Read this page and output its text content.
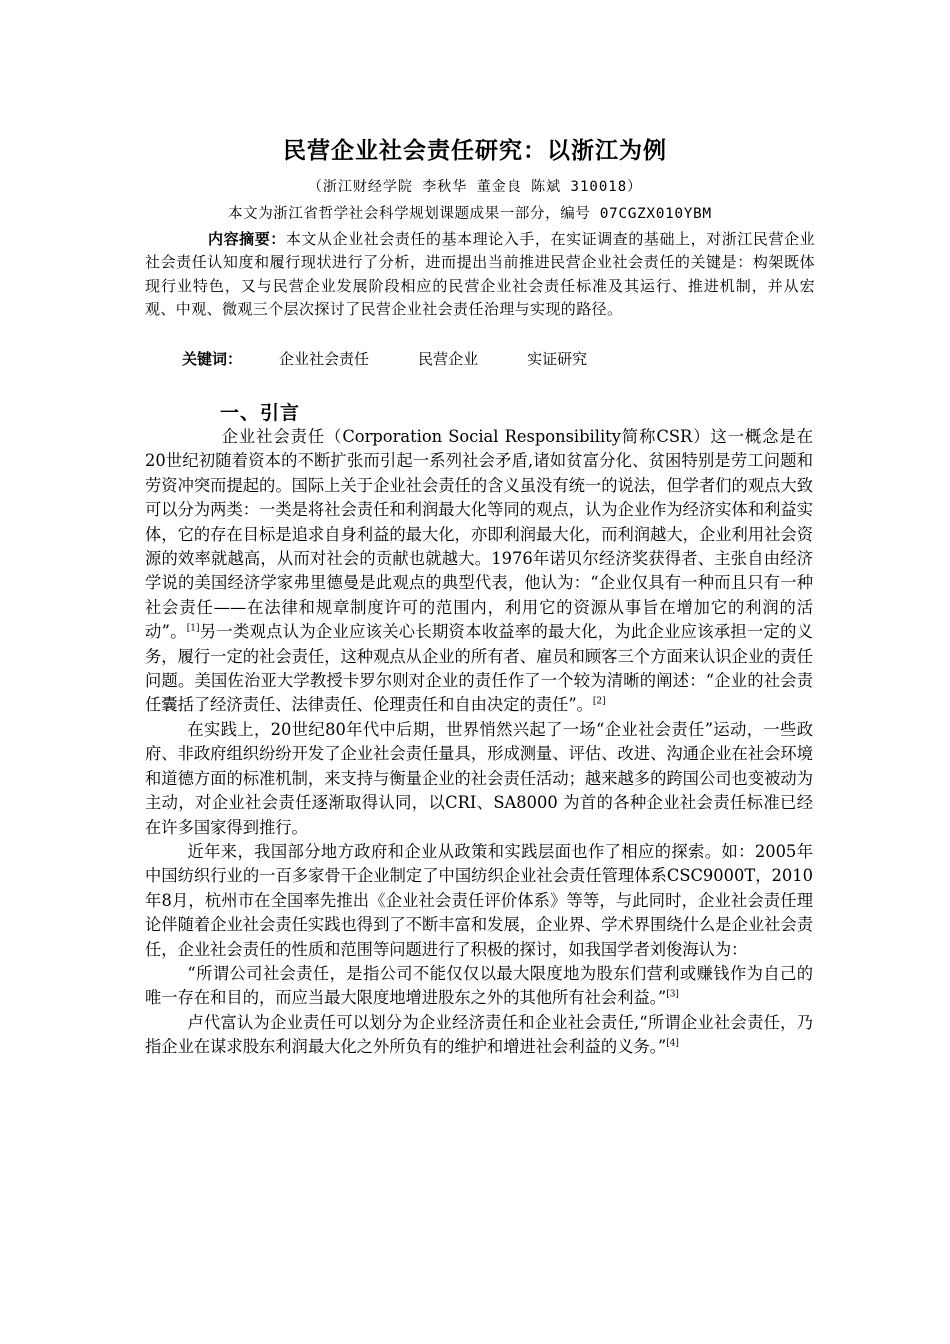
民营企业社会责任研究：以浙江为例
（浙江财经学院 李秋华 董金良 陈斌 310018）
本文为浙江省哲学社会科学规划课题成果一部分，编号 07CGZX010YBM

内容摘要：本文从企业社会责任的基本理论入手，在实证调查的基础上，对浙江民营企业社会责任认知度和履行现状进行了分析，进而提出当前推进民营企业社会责任的关键是：构架既体现行业特色，又与民营企业发展阶段相应的民营企业社会责任标准及其运行、推进机制，并从宏观、中观、微观三个层次探讨了民营企业社会责任治理与实现的路径。

关键词： 企业社会责任	民营企业	实证研究
一、引言

企业社会责任（Corporation Social Responsibility简称CSR）这一概念是在20世纪初随着资本的不断扩张而引起一系列社会矛盾,诸如贫富分化、贫困特别是劳工问题和劳资冲突而提起的。国际上关于企业社会责任的含义虽没有统一的说法，但学者们的观点大致可以分为两类：一类是将社会责任和利润最大化等同的观点，认为企业作为经济实体和利益实体，它的存在目标是追求自身利益的最大化，亦即利润最大化，而利润越大，企业利用社会资源的效率就越高，从而对社会的贡献也就越大。1976年诺贝尔经济奖获得者、主张自由经济学说的美国经济学家弗里德曼是此观点的典型代表，他认为：“企业仅具有一种而且只有一种社会责任——在法律和规章制度许可的范围内，利用它的资源从事旨在增加它的利润的活动”。[1]另一类观点认为企业应该关心长期资本收益率的最大化，为此企业应该承担一定的义务，履行一定的社会责任，这种观点从企业的所有者、雇员和顾客三个方面来认识企业的责任问题。美国佐治亚大学教授卡罗尔则对企业的责任作了一个较为清晰的阐述：“企业的社会责任囊括了经济责任、法律责任、伦理责任和自由决定的责任”。[2]

在实践上，20世纪80年代中后期，世界悄然兴起了一场“企业社会责任”运动，一些政府、非政府组织纷纷开发了企业社会责任量具，形成测量、评估、改进、沟通企业在社会环境和道德方面的标准机制，来支持与衡量企业的社会责任活动；越来越多的跨国公司也变被动为主动，对企业社会责任逐渐取得认同，以CRI、SA8000 为首的各种企业社会责任标准已经在许多国家得到推行。

近年来，我国部分地方政府和企业从政策和实践层面也作了相应的探索。如：2005年中国纺织行业的一百多家骨干企业制定了中国纺织企业社会责任管理体系CSC9000T，2010年8月，杭州市在全国率先推出《企业社会责任评价体系》等等，与此同时，企业社会责任理论伴随着企业社会责任实践也得到了不断丰富和发展，企业界、学术界围绕什么是企业社会责任，企业社会责任的性质和范围等问题进行了积极的探讨，如我国学者刘俊海认为：

“所谓公司社会责任，是指公司不能仅仅以最大限度地为股东们营利或赚钱作为自己的唯一存在和目的，而应当最大限度地增进股东之外的其他所有社会利益。”[3]

卢代富认为企业责任可以划分为企业经济责任和企业社会责任,“所谓企业社会责任，乃指企业在谋求股东利润最大化之外所负有的维护和增进社会利益的义务。”[4]
